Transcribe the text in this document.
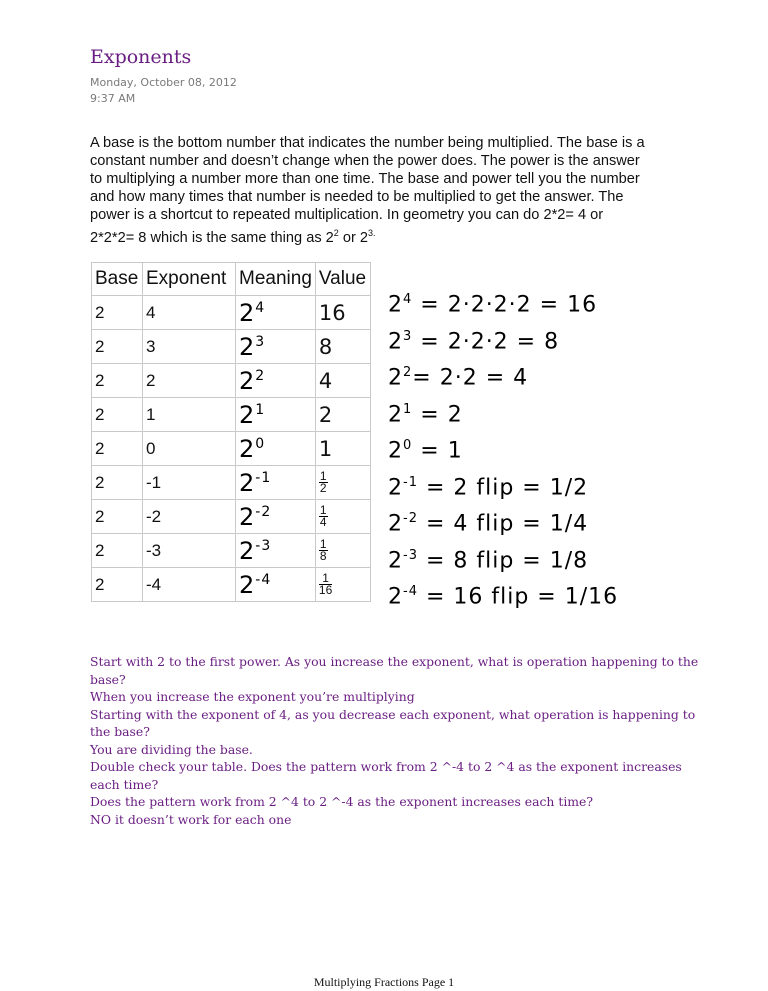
Exponents
Monday, October 08, 2012
9:37 AM

A base is the bottom number that indicates the number being multiplied. The base is a constant number and doesn’t change when the power does. The power is the answer to multiplying a number more than one time. The base and power tell you the number and how many times that number is needed to be multiplied to get the answer. The power is a shortcut to repeated multiplication. In geometry you can do 2*2= 4 or 2*2*2= 8 which is the same thing as $2^2$ or $2^{3.}$

Base	Exponent	Meaning	Value
2	4	$2^4$	16
2	3	$2^3$	8
2	2	$2^2$	4
2	1	$2^1$	2
2	0	$2^0$	1
2	-1	$2^{-1}$	$\frac{1}{2}$

2	-2	$2^{-2}$	$\frac{1}{4}$

2	-3	$2^{-3}$	$\frac{1}{8}$

2	-4	$2^{-4}$	$\frac{1}{16}$
$2^4 = 2\cdot 2\cdot 2\cdot 2 = 16$
$2^3 = 2\cdot 2\cdot 2 = 8$
$2^2= 2\cdot 2 = 4$
$2^1 = 2$
$2^0 = 1$
$2^{-1} = 2$ flip = 1/2
$2^{-2} = 4$ flip = 1/4
$2^{-3} = 8$ flip = 1/8
$2^{-4} = 16$ flip = 1/16

Start with 2 to the first power. As you increase the exponent, what is operation happening to the base?

When you increase the exponent you’re multiplying

Starting with the exponent of 4, as you decrease each exponent, what operation is happening to the base?

You are dividing the base.

Double check your table. Does the pattern work from 2 ^-4 to 2 ^4 as the exponent increases each time?

Does the pattern work from 2 ^4 to 2 ^-4 as the exponent increases each time?

NO it doesn’t work for each one

Multiplying Fractions Page 1
